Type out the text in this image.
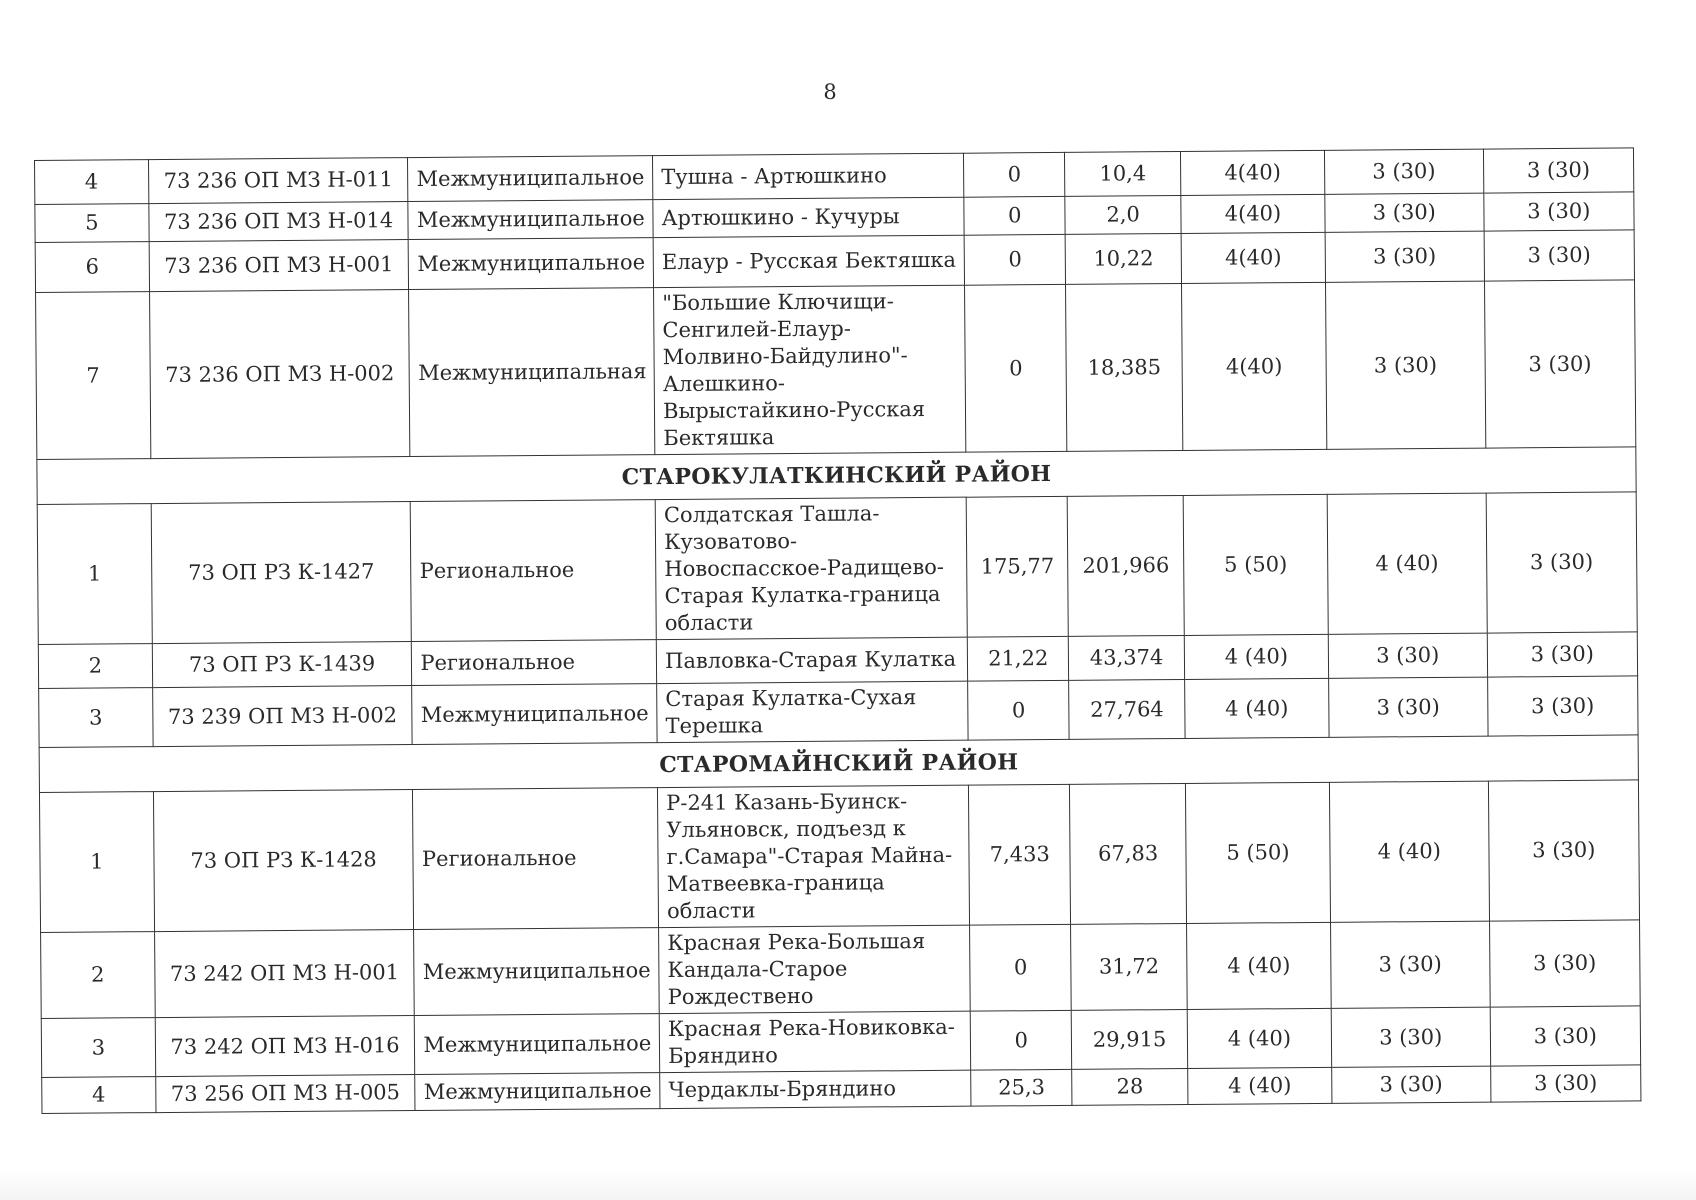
8
4	73 236 ОП МЗ Н-011	Межмуниципальное	Тушна - Артюшкино	0	10,4	4(40)	3 (30)	3 (30)
5	73 236 ОП МЗ Н-014	Межмуниципальное	Артюшкино - Кучуры	0	2,0	4(40)	3 (30)	3 (30)
6	73 236 ОП МЗ Н-001	Межмуниципальное	Елаур - Русская Бектяшка	0	10,22	4(40)	3 (30)	3 (30)
7	73 236 ОП МЗ Н-002	Межмуниципальная	"Большие Ключищи-Сенгилей-Елаур-Молвино-Байдулино"-Алешкино-Вырыстайкино-Русская Бектяшка	0	18,385	4(40)	3 (30)	3 (30)
СТАРОКУЛАТКИНСКИЙ РАЙОН								
1	73 ОП РЗ К-1427	Региональное	Солдатская Ташла-Кузоватово-Новоспасское-Радищево-Старая Кулатка-граница области	175,77	201,966	5 (50)	4 (40)	3 (30)
2	73 ОП РЗ К-1439	Региональное	Павловка-Старая Кулатка	21,22	43,374	4 (40)	3 (30)	3 (30)
3	73 239 ОП МЗ Н-002	Межмуниципальное	Старая Кулатка-Сухая Терешка	0	27,764	4 (40)	3 (30)	3 (30)
СТАРОМАЙНСКИЙ РАЙОН								
1	73 ОП РЗ К-1428	Региональное	Р-241 Казань-Буинск-Ульяновск, подъезд к г.Самара"-Старая Майна-Матвеевка-граница области	7,433	67,83	5 (50)	4 (40)	3 (30)
2	73 242 ОП МЗ Н-001	Межмуниципальное	Красная Река-Большая Кандала-Старое Рождествено	0	31,72	4 (40)	3 (30)	3 (30)
3	73 242 ОП МЗ Н-016	Межмуниципальное	Красная Река-Новиковка-Бряндино	0	29,915	4 (40)	3 (30)	3 (30)
4	73 256 ОП МЗ Н-005	Межмуниципальное	Чердаклы-Бряндино	25,3	28	4 (40)	3 (30)	3 (30)
